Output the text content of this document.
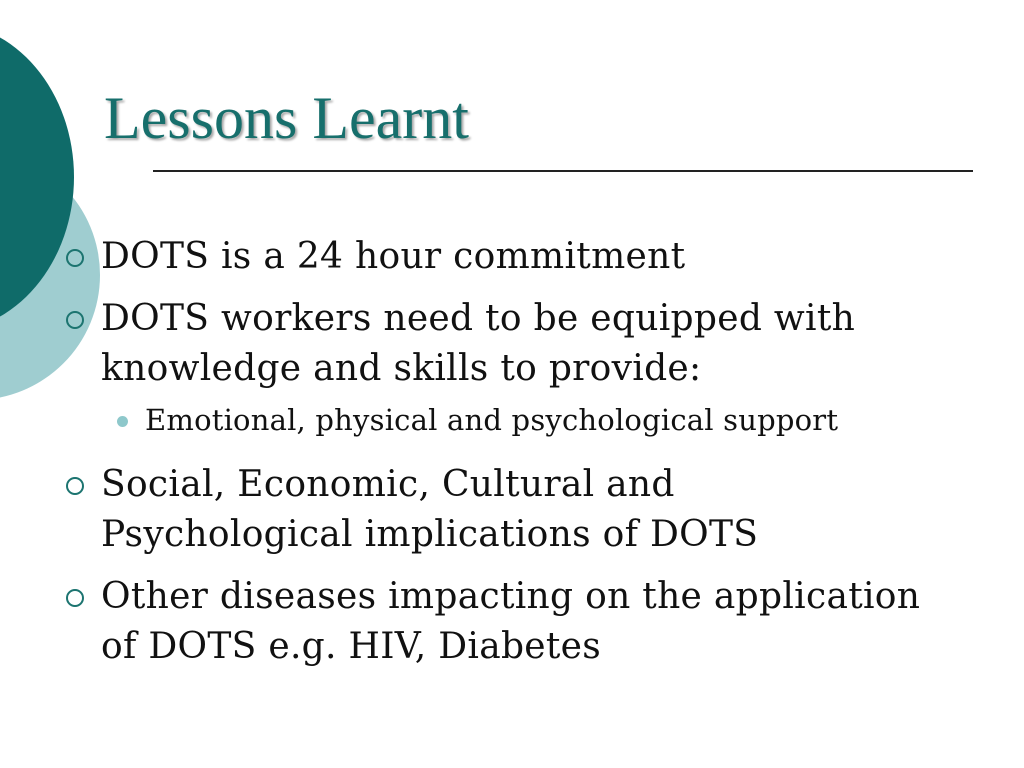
Lessons Learnt
DOTS is a 24 hour commitment
DOTS workers need to be equipped with
knowledge and skills to provide:
Emotional, physical and psychological support
Social, Economic, Cultural and
Psychological implications of DOTS
Other diseases impacting on the application
of DOTS e.g. HIV, Diabetes
